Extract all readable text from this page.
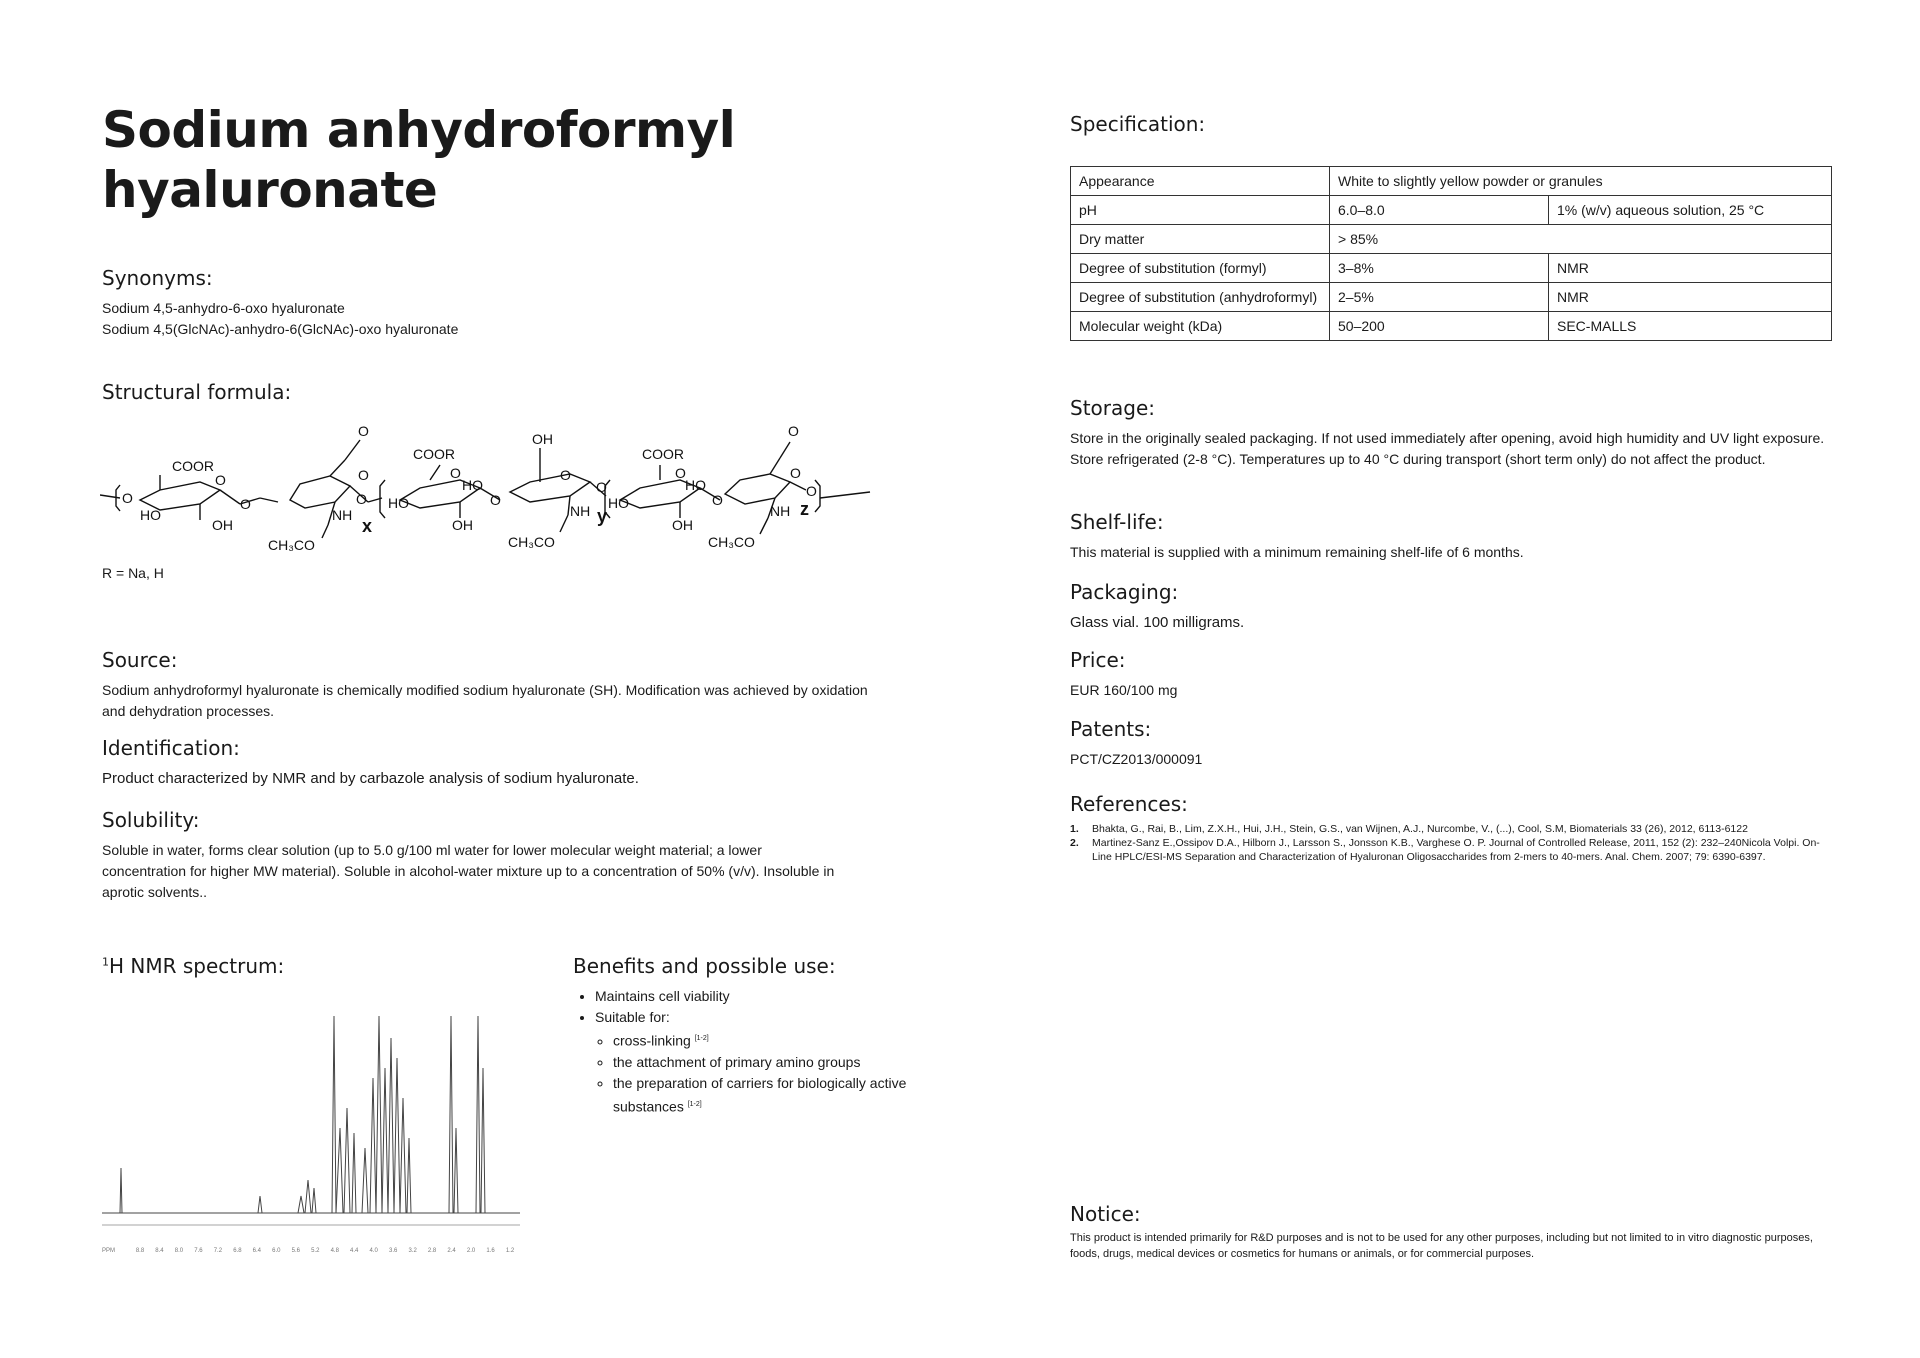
Sodium anhydroformyl
hyaluronate
Synonyms:

Sodium 4,5-anhydro-6-oxo hyaluronate

Sodium 4,5(GlcNAc)-anhydro-6(GlcNAc)-oxo hyaluronate

Structural formula:
O
COOR
HO
O
OH
O
O
NH
CH₃CO
O
O
x
HO
COOR
O
OH
HO
O
OH
O
NH
CH₃CO
y
O
HO
COOR
O
OH
HO
O
O
O
NH
CH₃CO
z
O

R = Na, H

Source:

Sodium anhydroformyl hyaluronate is chemically modified sodium hyaluronate (SH). Modification was achieved by oxidation and dehydration processes.

Identification:

Product characterized by NMR and by carbazole analysis of sodium hyaluronate.

Solubility:

Soluble in water, forms clear solution (up to 5.0 g/100 ml water for lower molecular weight material; a lower concentration for higher MW material). Soluble in alcohol-water mixture up to a concentration of 50% (v/v). Insoluble in aprotic solvents..

$^1$H NMR spectrum:
8.8 8.4 8.0 7.6 7.2 6.8 6.4 6.0 5.6 5.2 4.8 4.4 4.0 3.6 3.2 2.8 2.4 2.0 1.6 1.2
PPM
Benefits and possible use:
• Maintains cell viability
• Suitable for:
◦ cross-linking [1-2]
◦ the attachment of primary amino groups
◦ the preparation of carriers for biologically active substances [1-2]
Specification:
Appearance	White to slightly yellow powder or granules	
pH	6.0–8.0	1% (w/v) aqueous solution, 25 °C
Dry matter	> 85%	
Degree of substitution (formyl)	3–8%	NMR
Degree of substitution (anhydroformyl)	2–5%	NMR
Molecular weight (kDa)	50–200	SEC-MALLS
Storage:

Store in the originally sealed packaging. If not used immediately after opening, avoid high humidity and UV light exposure. Store refrigerated (2-8 °C). Temperatures up to 40 °C during transport (short term only) do not affect the product.

Shelf-life:

This material is supplied with a minimum remaining shelf-life of 6 months.

Packaging:

Glass vial. 100 milligrams.

Price:

EUR 160/100 mg

Patents:

PCT/CZ2013/000091

References:
1.	Bhakta, G., Rai, B., Lim, Z.X.H., Hui, J.H., Stein, G.S., van Wijnen, A.J., Nurcombe, V., (...), Cool, S.M, Biomaterials 33 (26), 2012, 6113-6122
2.	Martinez-Sanz E.,Ossipov D.A., Hilborn J., Larsson S., Jonsson K.B., Varghese O. P. Journal of Controlled Release, 2011, 152 (2): 232–240Nicola Volpi. On-Line HPLC/ESI-MS Separation and Characterization of Hyaluronan Oligosaccharides from 2-mers to 40-mers. Anal. Chem. 2007; 79: 6390-6397.
Notice:

This product is intended primarily for R&D purposes and is not to be used for any other purposes, including but not limited to in vitro diagnostic purposes, foods, drugs, medical devices or cosmetics for humans or animals, or for commercial purposes.
